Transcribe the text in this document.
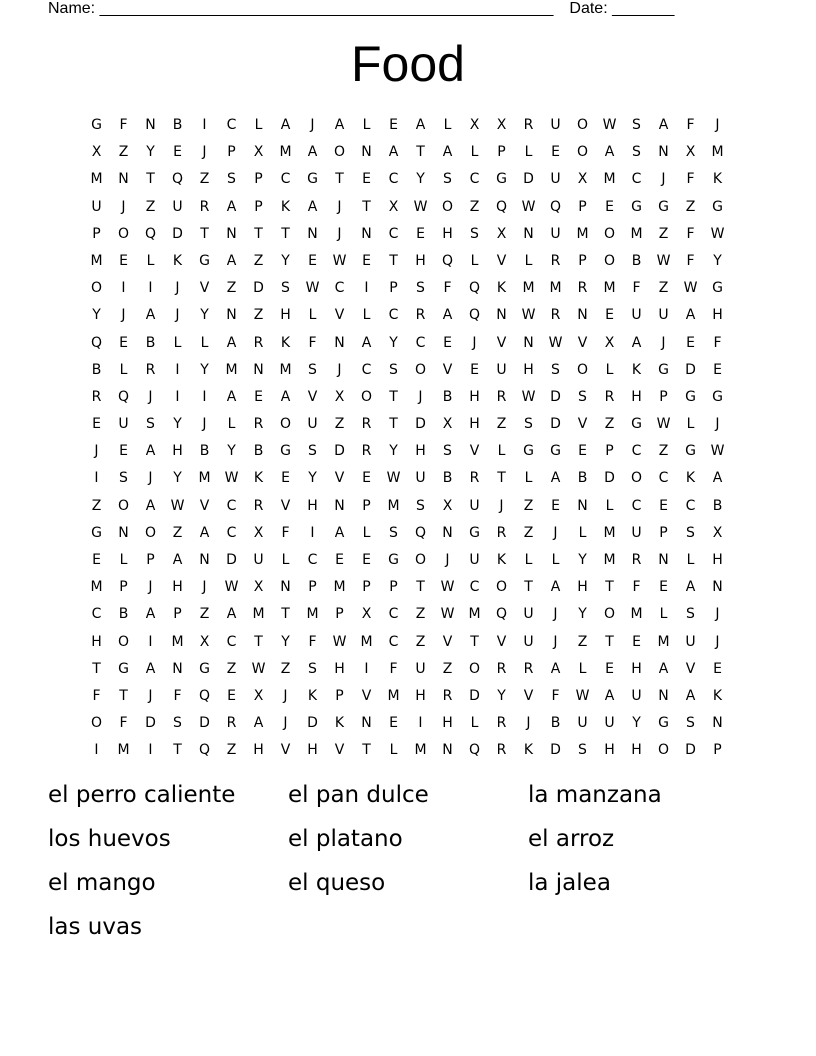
Name: ___________________________________________________ Date: _______
Food
G	F	N	B	I	C	L	A	J	A	L	E	A	L	X	X	R	U	O	W	S	A	F	J
X	Z	Y	E	J	P	X	M	A	O	N	A	T	A	L	P	L	E	O	A	S	N	X	M
M	N	T	Q	Z	S	P	C	G	T	E	C	Y	S	C	G	D	U	X	M	C	J	F	K
U	J	Z	U	R	A	P	K	A	J	T	X	W	O	Z	Q	W	Q	P	E	G	G	Z	G
P	O	Q	D	T	N	T	T	N	J	N	C	E	H	S	X	N	U	M	O	M	Z	F	W
M	E	L	K	G	A	Z	Y	E	W	E	T	H	Q	L	V	L	R	P	O	B	W	F	Y
O	I	I	J	V	Z	D	S	W	C	I	P	S	F	Q	K	M	M	R	M	F	Z	W	G
Y	J	A	J	Y	N	Z	H	L	V	L	C	R	A	Q	N	W	R	N	E	U	U	A	H
Q	E	B	L	L	A	R	K	F	N	A	Y	C	E	J	V	N	W	V	X	A	J	E	F
B	L	R	I	Y	M	N	M	S	J	C	S	O	V	E	U	H	S	O	L	K	G	D	E
R	Q	J	I	I	A	E	A	V	X	O	T	J	B	H	R	W	D	S	R	H	P	G	G
E	U	S	Y	J	L	R	O	U	Z	R	T	D	X	H	Z	S	D	V	Z	G	W	L	J
J	E	A	H	B	Y	B	G	S	D	R	Y	H	S	V	L	G	G	E	P	C	Z	G	W
I	S	J	Y	M	W	K	E	Y	V	E	W	U	B	R	T	L	A	B	D	O	C	K	A
Z	O	A	W	V	C	R	V	H	N	P	M	S	X	U	J	Z	E	N	L	C	E	C	B
G	N	O	Z	A	C	X	F	I	A	L	S	Q	N	G	R	Z	J	L	M	U	P	S	X
E	L	P	A	N	D	U	L	C	E	E	G	O	J	U	K	L	L	Y	M	R	N	L	H
M	P	J	H	J	W	X	N	P	M	P	P	T	W	C	O	T	A	H	T	F	E	A	N
C	B	A	P	Z	A	M	T	M	P	X	C	Z	W	M	Q	U	J	Y	O	M	L	S	J
H	O	I	M	X	C	T	Y	F	W	M	C	Z	V	T	V	U	J	Z	T	E	M	U	J
T	G	A	N	G	Z	W	Z	S	H	I	F	U	Z	O	R	R	A	L	E	H	A	V	E
F	T	J	F	Q	E	X	J	K	P	V	M	H	R	D	Y	V	F	W	A	U	N	A	K
O	F	D	S	D	R	A	J	D	K	N	E	I	H	L	R	J	B	U	U	Y	G	S	N
I	M	I	T	Q	Z	H	V	H	V	T	L	M	N	Q	R	K	D	S	H	H	O	D	P
el perro caliente	el pan dulce	la manzana
los huevos	el platano	el arroz
el mango	el queso	la jalea
las uvas
